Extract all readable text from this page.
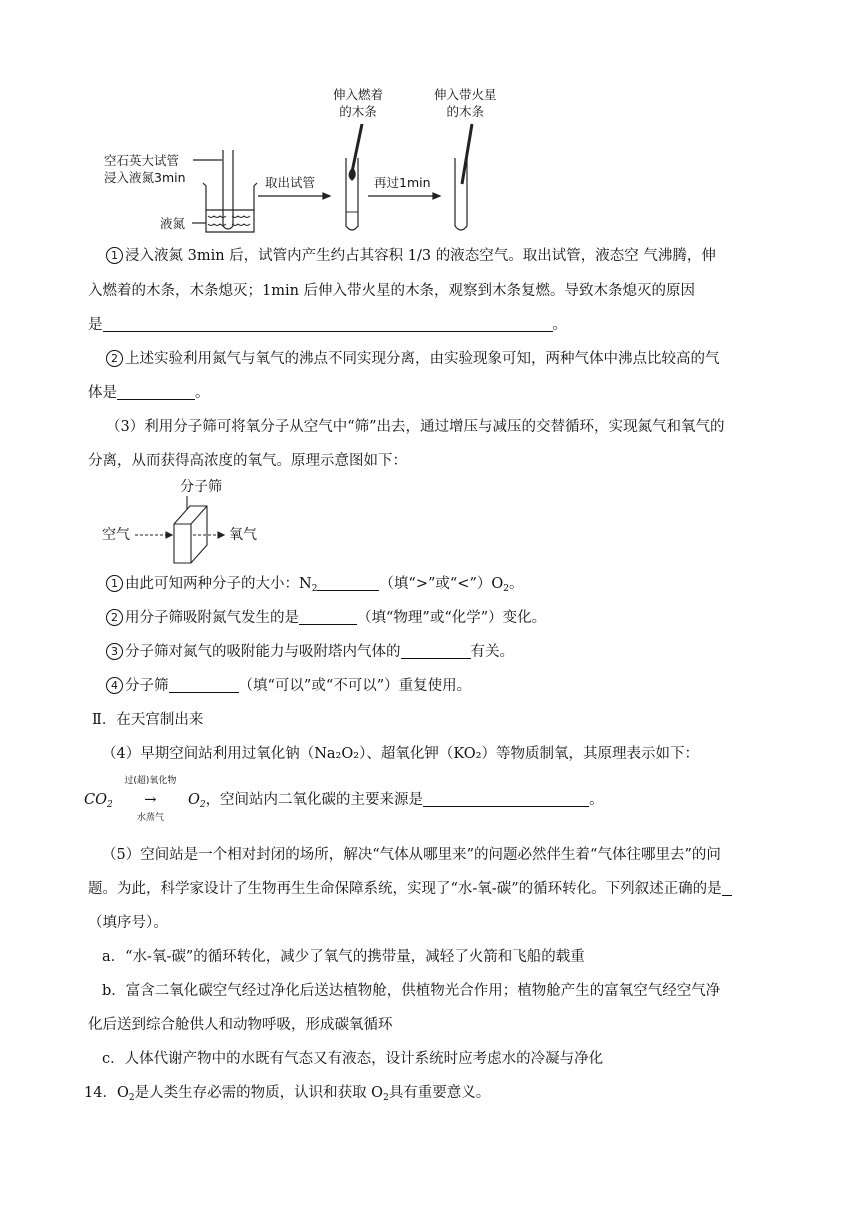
伸入燃着
的木条
伸入带火星
的木条
空石英大试管
浸入液氮3min
液氮
取出试管	再过1min
1 浸入液氮 3min 后，试管内产生约占其容积 1/3 的液态空气。取出试管，液态空 气沸腾，伸
入燃着的木条，木条熄灭；1min 后伸入带火星的木条，观察到木条复燃。导致木条熄灭的原因
是	。
2 上述实验利用氮气与氧气的沸点不同实现分离，由实验现象可知，两种气体中沸点比较高的气
体是	。
（3）利用分子筛可将氧分子从空气中“筛”出去，通过增压与减压的交替循环，实现氮气和氧气的
分离，从而获得高浓度的氧气。原理示意图如下：
分子筛
空气	氧气
1 由此可知两种分子的大小：$N_2$	（填“>”或“$<”)O_2$。
2 用分子筛吸附氮气发生的是	（填“物理”或“化学”）变化。
3 分子筛对氮气的吸附能力与吸附塔内气体的	有关。
4 分子筛	（填“可以”或“不可以”）重复使用。
Ⅱ．在天宫制出来
（4）早期空间站利用过氧化钠（Na₂O₂）、超氧化钾（KO₂）等物质制氧，其原理表示如下：
$CO_2$
过(超)氧化物
→
水蒸气
$O_2$，空间站内二氧化碳的主要来源是	。
（5）空间站是一个相对封闭的场所，解决“气体从哪里来”的问题必然伴生着“气体往哪里去”的问
题。为此，科学家设计了生物再生生命保障系统，实现了“水-氧-碳”的循环转化。下列叙述正确的是
（填序号）。
a．“水-氧-碳”的循环转化，减少了氧气的携带量，减轻了火箭和飞船的载重
b．富含二氧化碳空气经过净化后送达植物舱，供植物光合作用；植物舱产生的富氧空气经空气净
化后送到综合舱供人和动物呼吸，形成碳氧循环
c．人体代谢产物中的水既有气态又有液态，设计系统时应考虑水的冷凝与净化
14．$O_2$是人类生存必需的物质，认识和获取 $O_2$具有重要意义。
